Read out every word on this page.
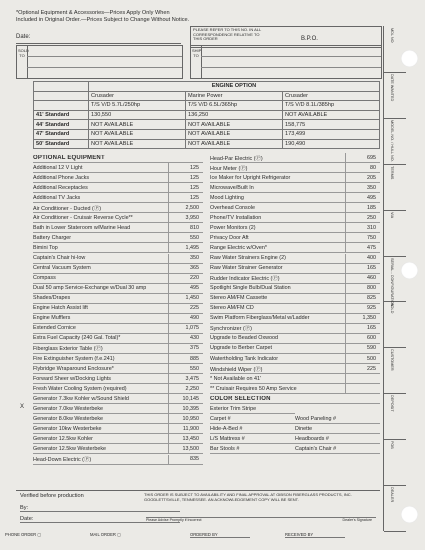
*Optional Equipment & Accessories—Prices Apply Only When
Included in Original Order.—Prices Subject to Change Without Notice.
Date:
PLEASE REFER TO THIS NO. IN ALL CORRESPONDENCE RELATIVE TO THIS ORDER	B.P.O.
SOLD TO
SHIP TO
	ENGINE OPTION		
	Crusader	Marine Power	Crusader
	T/S V/D 5.7L/250hp	T/S V/D 6.5L/365hp	T/S V/D 8.1L/385hp
41' Standard	130,550	136,250	NOT AVAILABLE
44' Standard	NOT AVAILABLE	NOT AVAILABLE	158,775
47' Standard	NOT AVAILABLE	NOT AVAILABLE	173,499
50' Standard	NOT AVAILABLE	NOT AVAILABLE	190,490
OPTIONAL EQUIPMENT
Additional 12 V Light	125
Additional Phone Jacks	125
Additional Receptacles	125
Additional TV Jacks	125
Air Conditioner - Ducted (Ⓟ)	2,500
Air Conditioner - Cruisair Reverse Cycle**	3,950
Bath in Lower Stateroom w/Marine Head	810
Battery Charger	550
Bimini Top	1,495
Captain's Chair hi-low	350
Central Vacuum System	365
Compass	220
Dual 50 amp Service-Exchange w/Dual 30 amp	495
Shades/Drapes	1,450
Engine Hatch Assist lift	225
Engine Mufflers	490
Extended Cornice	1,075
Extra Fuel Capacity (240 Gal. Total)*	430
Fiberglass Exterior Table (Ⓟ)	375
Fire Extinguisher System (f.e.241)	885
Flybridge Wraparound Enclosure*	550
Forward Sheer w/Docking Lights	3,475
Fresh Water Cooling System (required)	2,250
Generator 7.3kw Kohler w/Sound Shield	10,145
Generator 7.0kw Westerbeke	10,395
Generator 8.0kw Westerbeke	10,950
Generator 10kw Westerbeke	11,900
Generator 12.5kw Kohler	13,450
Generator 12.5kw Westerbeke	13,500
Head-Down Electric (Ⓟ)	835
Head-Par Electric (Ⓟ)	695
Hour Meter (Ⓟ)	80
Ice Maker for Upright Refrigerator	205
Microwave/Built In	350
Mood Lighting	495
Overhead Console	185
Phone/TV Installation	250
Power Monitors (2)	310
Privacy Door Aft	750
Range Electric w/Oven*	475
Raw Water Strainers Engine (2)	400
Raw Water Strainer Generator	165
Rudder Indicator Electric (Ⓟ)	460
Spotlight Single Bulb/Dual Station	800
Stereo AM/FM Cassette	825
Stereo AM/FM CD	925
Swim Platform Fiberglass/Metal w/Ladder	1,350
Synchronizer (Ⓟ)	165
Upgrade to Beaded Oxwood	600
Upgrade to Berber Carpet	590
Watertholding Tank Indicator	500
Windshield Wiper (Ⓟ)	225
* Not Available on 41'
** Cruisair Requires 50 Amp Service
COLOR SELECTION
Exterior Trim Stripe
Carpet #	Wood Paneling #
Hide-A-Bed #	Dinette
L/S Mattress #	Headboards #
Bar Stools #	Captain's Chair #
X
Verified before production
By:
Date:
THIS ORDER IS SUBJECT TO AVAILABILITY AND FINAL APPROVAL AT GIBSON FIBERGLASS PRODUCTS, INC. GOODLETTSVILLE, TENNESSEE. AN ACKNOWLEDGEMENT COPY WILL BE SENT.
Please Advise Promptly if Incorrect	Dealer's Signature
PHONE ORDER ▢	MAIL ORDER ▢	ORDERED BY	RECEIVED BY
MDL NO
DATE WANTED
MODEL NO. / HULL NO.
TERMS
VIA
SERIAL - CONFIGURATION
SOLD
CUSTOMER
DEPOSIT
FOB
DEALER
